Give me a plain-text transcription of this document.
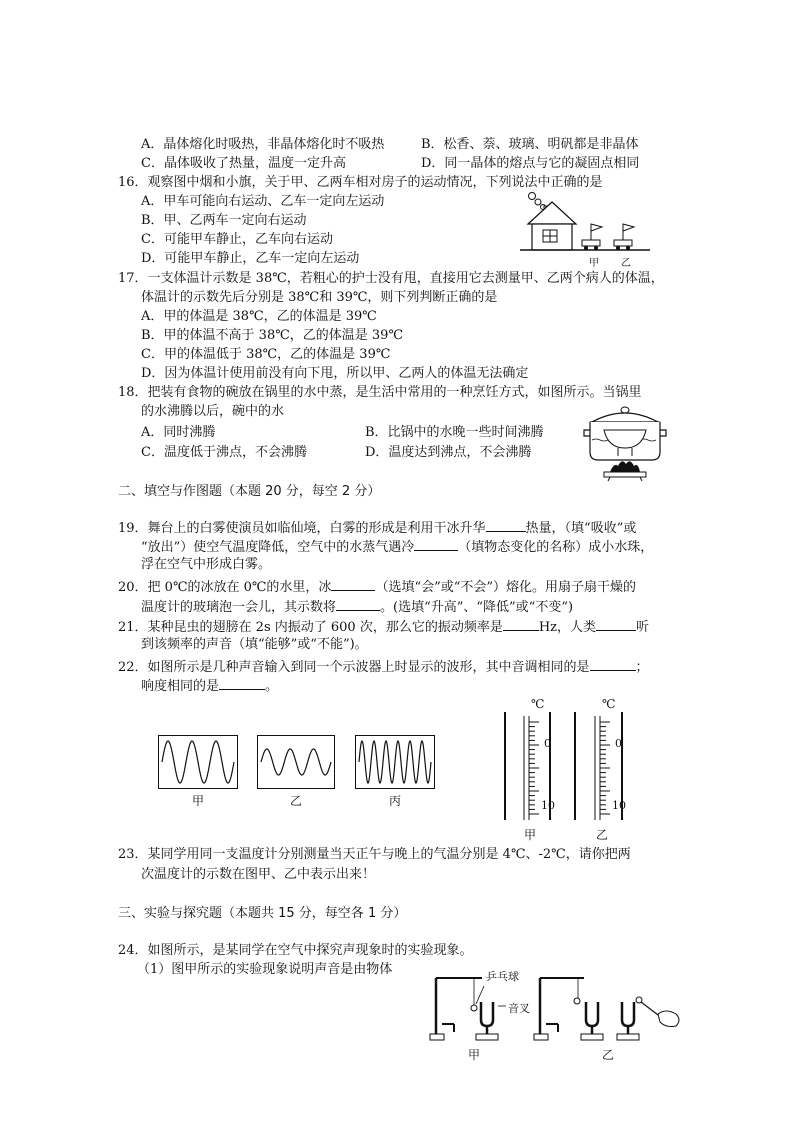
A．晶体熔化时吸热，非晶体熔化时不吸热	B．松香、萘、玻璃、明矾都是非晶体
C．晶体吸收了热量，温度一定升高	D．同一晶体的熔点与它的凝固点相同
16．观察图中烟和小旗，关于甲、乙两车相对房子的运动情况，下列说法中正确的是
A．甲车可能向右运动、乙车一定向左运动
B．甲、乙两车一定向右运动
C．可能甲车静止，乙车向右运动
D．可能甲车静止，乙车一定向左运动	甲 乙
17．一支体温计示数是 38℃，若粗心的护士没有甩，直接用它去测量甲、乙两个病人的体温，
体温计的示数先后分别是 38℃和 39℃，则下列判断正确的是
A．甲的体温是 38℃，乙的体温是 39℃
B．甲的体温不高于 38℃，乙的体温是 39℃
C．甲的体温低于 38℃，乙的体温是 39℃
D．因为体温计使用前没有向下甩，所以甲、乙两人的体温无法确定
18．把装有食物的碗放在锅里的水中蒸，是生活中常用的一种烹饪方式，如图所示。当锅里
的水沸腾以后，碗中的水
A．同时沸腾	B．比锅中的水晚一些时间沸腾
C．温度低于沸点，不会沸腾	D．温度达到沸点，不会沸腾
二、填空与作图题（本题 20 分，每空 2 分）
19．舞台上的白雾使演员如临仙境，白雾的形成是利用干冰升华	热量，（填“吸收”或
“放出”）使空气温度降低，空气中的水蒸气遇冷	（填物态变化的名称）成小水珠，
浮在空气中形成白雾。
20．把 0℃的冰放在 0℃的水里，冰	（选填“会”或“不会”）熔化。用扇子扇干燥的
温度计的玻璃泡一会儿，其示数将	。(选填“升高”、“降低”或“不变”)
21．某种昆虫的翅膀在 2s 内振动了 600 次，那么它的振动频率是	Hz，人类	听
到该频率的声音（填“能够”或“不能”)。
22．如图所示是几种声音输入到同一个示波器上时显示的波形，其中音调相同的是	；
响度相同的是	。
甲	乙	丙
℃	℃
0
10
0
10
甲	乙
23．某同学用同一支温度计分别测量当天正午与晚上的气温分别是 4℃、-2℃，请你把两
次温度计的示数在图甲、乙中表示出来！
三、实验与探究题（本题共 15 分，每空各 1 分）
24．如图所示，是某同学在空气中探究声现象时的实验现象。
（1）图甲所示的实验现象说明声音是由物体	乒乓球
音叉
甲	乙
